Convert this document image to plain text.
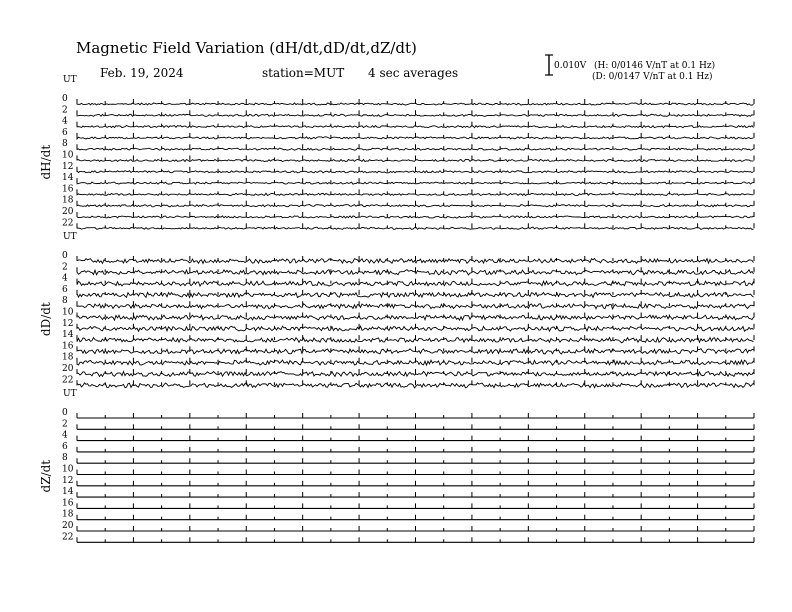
Magnetic Field Variation (dH/dt,dD/dt,dZ/dt)
Feb. 19, 2024	station=MUT 4 sec averages	0.010V (H: 0/0146 V/nT at 0.1 Hz)
(D: 0/0147 V/nT at 0.1 Hz)
UT
dH/dt
0
2
4
6
8
10
12
14
16
18
20
22
UT
dD/dt
0
2
4
6
8
10
12
14
16
18
20
22
UT
dZ/dt
0
2
4
6
8
10
12
14
16
18
20
22
